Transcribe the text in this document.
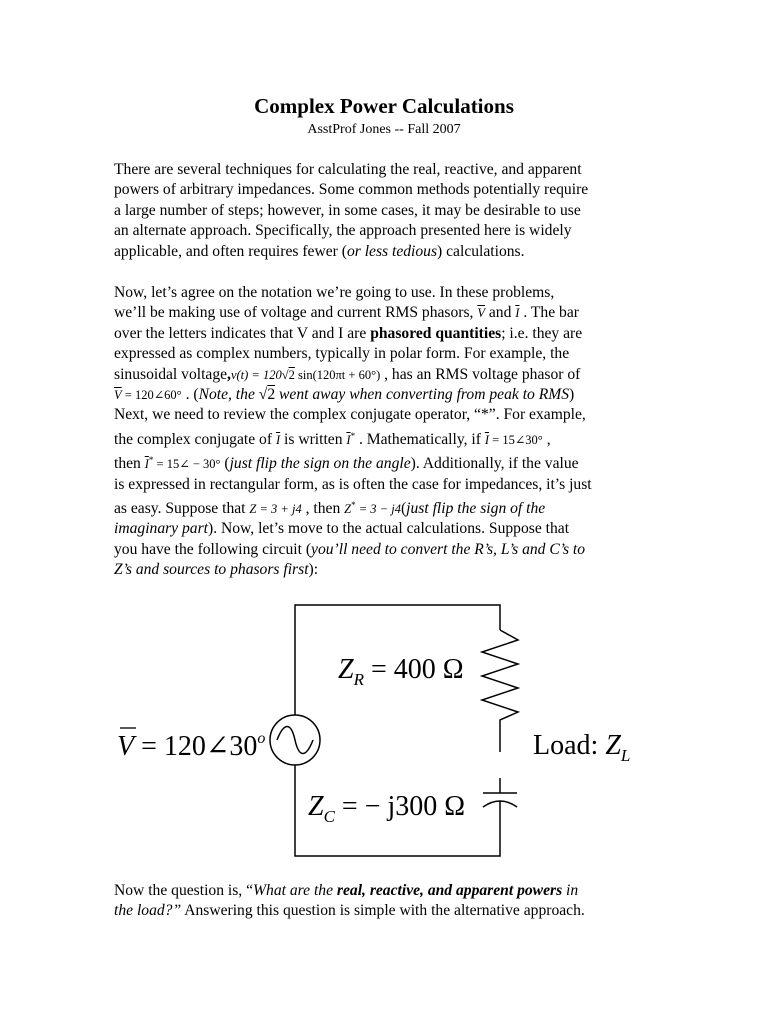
Complex Power Calculations
AsstProf Jones -- Fall 2007

There are several techniques for calculating the real, reactive, and apparent

powers of arbitrary impedances. Some common methods potentially require

a large number of steps; however, in some cases, it may be desirable to use

an alternate approach. Specifically, the approach presented here is widely

applicable, and often requires fewer (or less tedious) calculations.

Now, let’s agree on the notation we’re going to use. In these problems,

we’ll be making use of voltage and current RMS phasors, $\overline{V}$ and $\overline{I}$ . The bar

over the letters indicates that V and I are phasored quantities; i.e. they are

expressed as complex numbers, typically in polar form. For example, the

sinusoidal voltage,v(t) = 120√2 sin(120πt + 60°) , has an RMS voltage phasor of

$\overline{V}$ = 120∠60° . (Note, the √2 went away when converting from peak to RMS)

Next, we need to review the complex conjugate operator, “*”. For example,

the complex conjugate of $\overline{I}$ is written $\overline{I}^*$ . Mathematically, if $\overline{I}$ = 15∠30° ,

then $\overline{I}^*$ = 15∠ − 30° (just flip the sign on the angle). Additionally, if the value

is expressed in rectangular form, as is often the case for impedances, it’s just

as easy. Suppose that Z = 3 + j4 , then Z* = 3 − j4(just flip the sign of the

imaginary part). Now, let’s move to the actual calculations. Suppose that

you have the following circuit (you’ll need to convert the R’s, L’s and C’s to

Z’s and sources to phasors first):

$Z_R = 400$ Ω
$V = 120\angle 30^o$	Load: $Z_L$
$Z_C$ = − j300 Ω

Now the question is, “What are the real, reactive, and apparent powers in

the load?” Answering this question is simple with the alternative approach.
